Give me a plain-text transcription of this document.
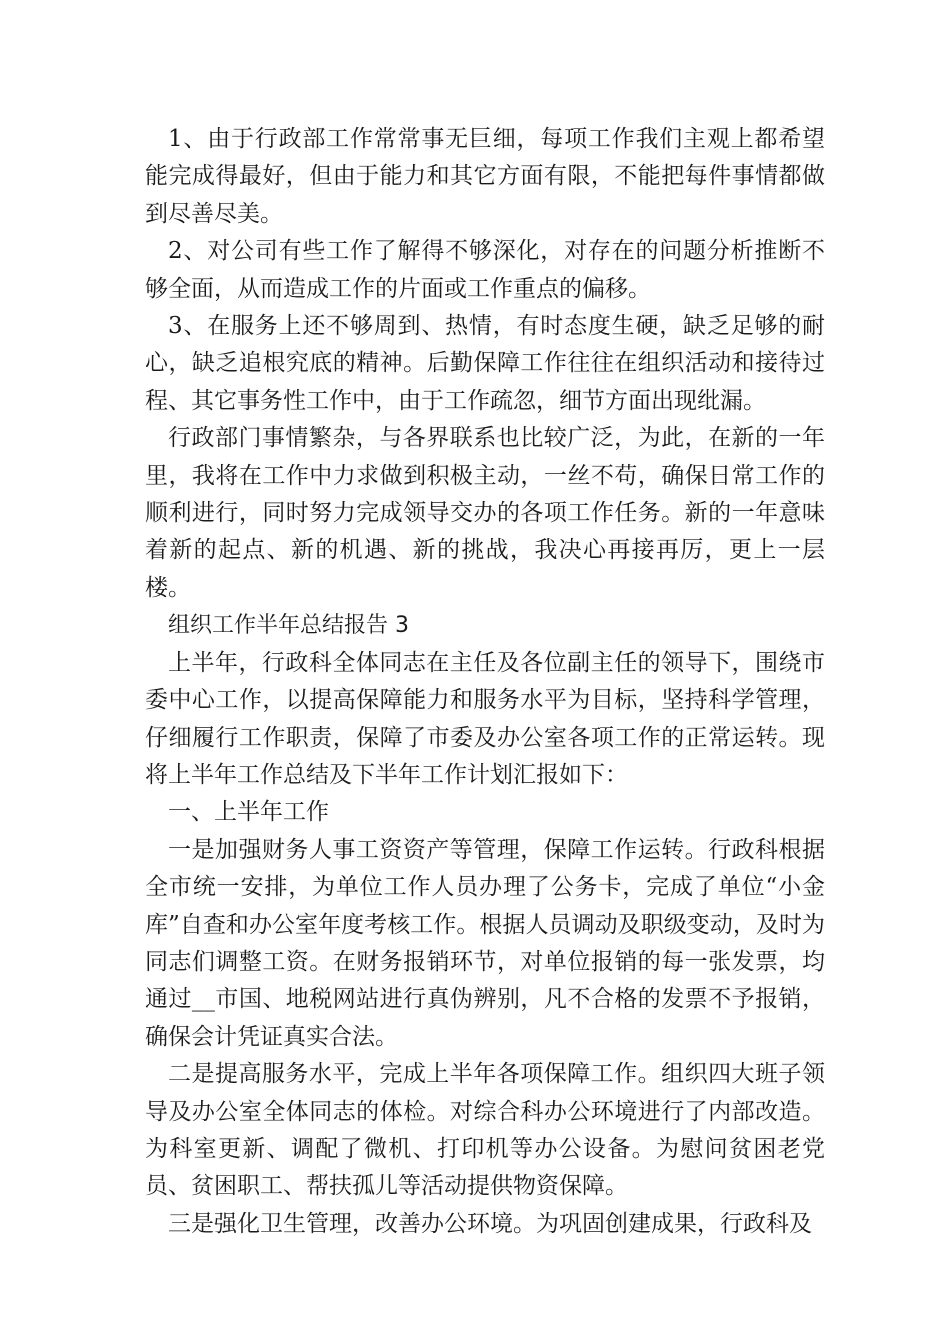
1、由于行政部工作常常事无巨细，每项工作我们主观上都希望能完成得最好，但由于能力和其它方面有限，不能把每件事情都做到尽善尽美。

2、对公司有些工作了解得不够深化，对存在的问题分析推断不够全面，从而造成工作的片面或工作重点的偏移。

3、在服务上还不够周到、热情，有时态度生硬，缺乏足够的耐心，缺乏追根究底的精神。后勤保障工作往往在组织活动和接待过程、其它事务性工作中，由于工作疏忽，细节方面出现纰漏。

行政部门事情繁杂，与各界联系也比较广泛，为此，在新的一年里，我将在工作中力求做到积极主动，一丝不苟，确保日常工作的顺利进行，同时努力完成领导交办的各项工作任务。新的一年意味着新的起点、新的机遇、新的挑战，我决心再接再厉，更上一层楼。

组织工作半年总结报告 3

上半年，行政科全体同志在主任及各位副主任的领导下，围绕市委中心工作，以提高保障能力和服务水平为目标，坚持科学管理，仔细履行工作职责，保障了市委及办公室各项工作的正常运转。现将上半年工作总结及下半年工作计划汇报如下：

一、上半年工作

一是加强财务人事工资资产等管理，保障工作运转。行政科根据全市统一安排，为单位工作人员办理了公务卡，完成了单位“小金库”自查和办公室年度考核工作。根据人员调动及职级变动，及时为同志们调整工资。在财务报销环节，对单位报销的每一张发票，均通过__市国、地税网站进行真伪辨别，凡不合格的发票不予报销，确保会计凭证真实合法。

二是提高服务水平，完成上半年各项保障工作。组织四大班子领导及办公室全体同志的体检。对综合科办公环境进行了内部改造。为科室更新、调配了微机、打印机等办公设备。为慰问贫困老党员、贫困职工、帮扶孤儿等活动提供物资保障。

三是强化卫生管理，改善办公环境。为巩固创建成果，行政科及
